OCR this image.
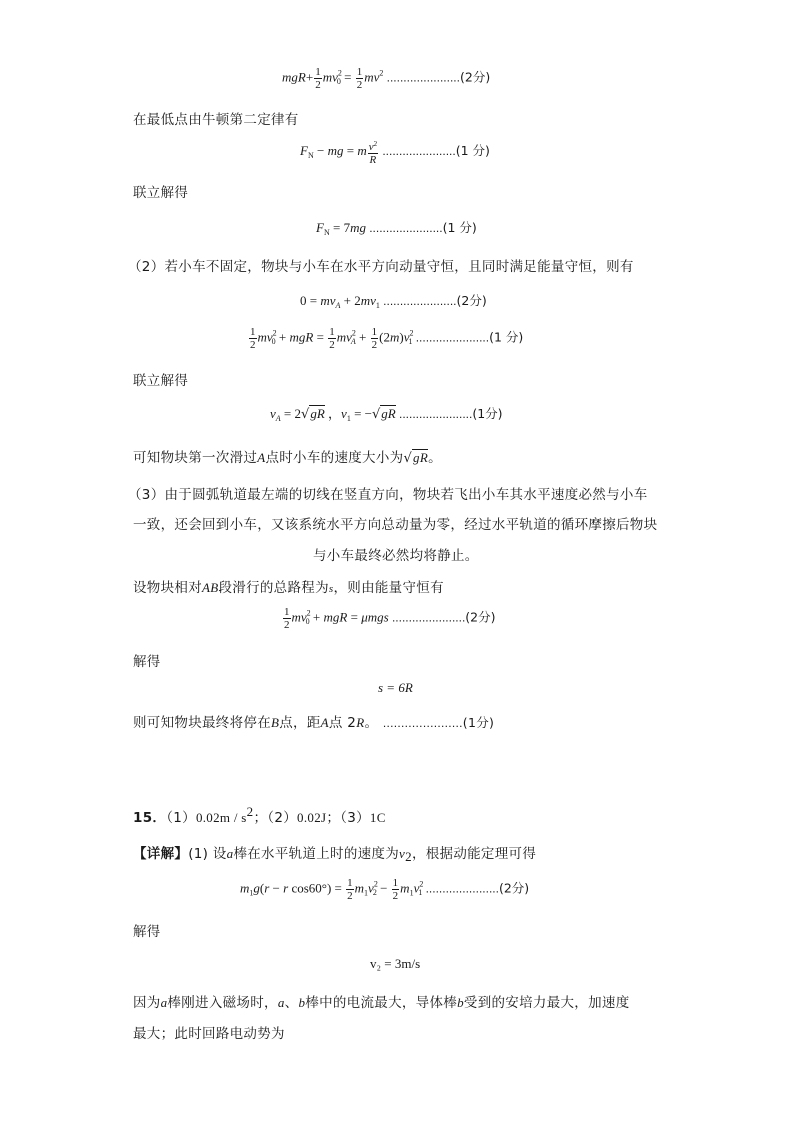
$mgR+ \frac{1}{2} mv^2_0 = \frac{1}{2} mv^2$ ......................(2分)
在最低点由牛顿第二定律有
$F_N$ − mg = m $\frac{v^2}{R} ......................(1$ 分)
联立解得
$F_N = 7mg$ ......................(1 分)
（2）若小车不固定，物块与小车在水平方向动量守恒，且同时满足能量守恒，则有
$0 = mv_A + 2mv_1$ ......................(2分)
$\frac{1}{2} mv^2_0$ + mgR = $\frac{1}{2} mv^2_A + \frac{1}{2} (2m)v^2_1$ ......................(1 分)
联立解得
$v_A = 2√gR$ ，$v_1 = -√gR$ ......................(1分)
可知物块第一次滑过A点时小车的速度大小为√gR。
（3）由于圆弧轨道最左端的切线在竖直方向，物块若飞出小车其水平速度必然与小车
一致，还会回到小车，又该系统水平方向总动量为零，经过水平轨道的循环摩擦后物块
与小车最终必然均将静止。
设物块相对AB段滑行的总路程为s，则由能量守恒有
$\frac{1}{2} mv^2_0$ + mgR = μmgs ......................(2分)
解得
s = 6R
则可知物块最终将停在B点，距A点 2R。 ......................(1分)
15．$(1)0.02m / s^2$；（2）0.02J；（3）1C
【详解】(1) 设a棒在水平轨道上时的速度为$v_2$，根据动能定理可得
$m_1g(r - r$ $\cos 60^\circ) = \frac{1}{2} m_1v^2_2 - \frac{1}{2} m_1v^2_1$ ......................(2分)
解得
v₂ = 3m/s
因为a棒刚进入磁场时，a、b棒中的电流最大，导体棒b受到的安培力最大，加速度
最大；此时回路电动势为
